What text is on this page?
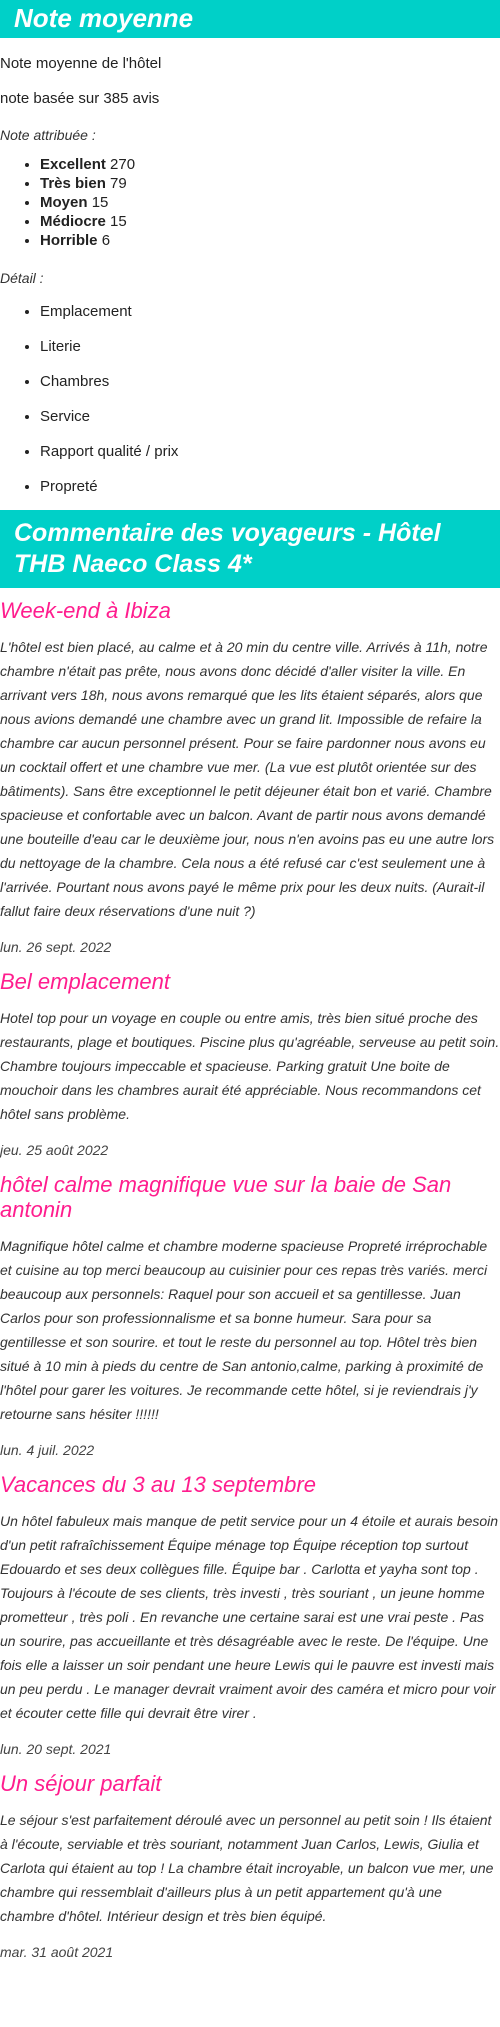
Note moyenne

Note moyenne de l'hôtel

note basée sur 385 avis

Note attribuée :

• Excellent 270
• Très bien 79
• Moyen 15
• Médiocre 15
• Horrible 6

Détail :

• Emplacement
• Literie
• Chambres
• Service
• Rapport qualité / prix
• Propreté
Commentaire des voyageurs - Hôtel THB Naeco Class 4*
Week-end à Ibiza

L'hôtel est bien placé, au calme et à 20 min du centre ville. Arrivés à 11h, notre chambre n'était pas prête, nous avons donc décidé d'aller visiter la ville. En arrivant vers 18h, nous avons remarqué que les lits étaient séparés, alors que nous avions demandé une chambre avec un grand lit. Impossible de refaire la chambre car aucun personnel présent. Pour se faire pardonner nous avons eu un cocktail offert et une chambre vue mer. (La vue est plutôt orientée sur des bâtiments). Sans être exceptionnel le petit déjeuner était bon et varié. Chambre spacieuse et confortable avec un balcon. Avant de partir nous avons demandé une bouteille d'eau car le deuxième jour, nous n'en avoins pas eu une autre lors du nettoyage de la chambre. Cela nous a été refusé car c'est seulement une à l'arrivée. Pourtant nous avons payé le même prix pour les deux nuits. (Aurait-il fallut faire deux réservations d'une nuit ?)

lun. 26 sept. 2022

Bel emplacement

Hotel top pour un voyage en couple ou entre amis, très bien situé proche des restaurants, plage et boutiques. Piscine plus qu'agréable, serveuse au petit soin. Chambre toujours impeccable et spacieuse. Parking gratuit Une boite de mouchoir dans les chambres aurait été appréciable. Nous recommandons cet hôtel sans problème.

jeu. 25 août 2022

hôtel calme magnifique vue sur la baie de San antonin

Magnifique hôtel calme et chambre moderne spacieuse Propreté irréprochable et cuisine au top merci beaucoup au cuisinier pour ces repas très variés. merci beaucoup aux personnels: Raquel pour son accueil et sa gentillesse. Juan Carlos pour son professionnalisme et sa bonne humeur. Sara pour sa gentillesse et son sourire. et tout le reste du personnel au top. Hôtel très bien situé à 10 min à pieds du centre de San antonio,calme, parking à proximité de l'hôtel pour garer les voitures. Je recommande cette hôtel, si je reviendrais j'y retourne sans hésiter !!!!!!

lun. 4 juil. 2022

Vacances du 3 au 13 septembre

Un hôtel fabuleux mais manque de petit service pour un 4 étoile et aurais besoin d'un petit rafraîchissement Équipe ménage top Équipe réception top surtout Edouardo et ses deux collègues fille. Équipe bar . Carlotta et yayha sont top . Toujours à l'écoute de ses clients, très investi , très souriant , un jeune homme prometteur , très poli . En revanche une certaine sarai est une vrai peste . Pas un sourire, pas accueillante et très désagréable avec le reste. De l'équipe. Une fois elle a laisser un soir pendant une heure Lewis qui le pauvre est investi mais un peu perdu . Le manager devrait vraiment avoir des caméra et micro pour voir et écouter cette fille qui devrait être virer .

lun. 20 sept. 2021

Un séjour parfait

Le séjour s'est parfaitement déroulé avec un personnel au petit soin ! Ils étaient à l'écoute, serviable et très souriant, notamment Juan Carlos, Lewis, Giulia et Carlota qui étaient au top ! La chambre était incroyable, un balcon vue mer, une chambre qui ressemblait d'ailleurs plus à un petit appartement qu'à une chambre d'hôtel. Intérieur design et très bien équipé.

mar. 31 août 2021
